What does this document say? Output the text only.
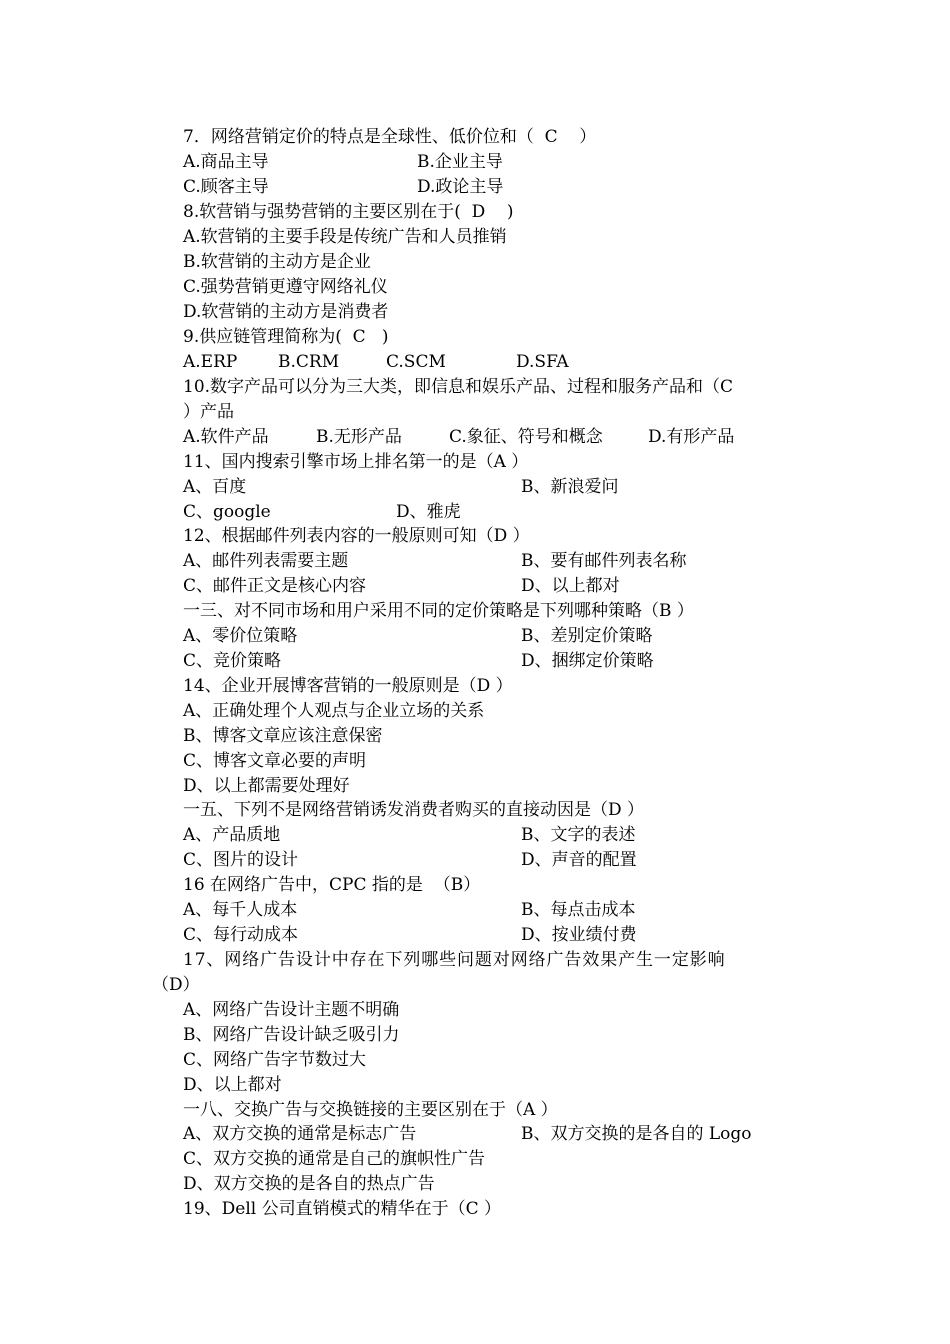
7．网络营销定价的特点是全球性、低价位和（  C    ）
A.商品主导	B.企业主导
C.顾客主导	D.政论主导
8.软营销与强势营销的主要区别在于(  D    )
A.软营销的主要手段是传统广告和人员推销
B.软营销的主动方是企业
C.强势营销更遵守网络礼仪
D.软营销的主动方是消费者
9.供应链管理简称为(  C   )
A.ERP B.CRM	C.SCM	D.SFA
10.数字产品可以分为三大类，即信息和娱乐产品、过程和服务产品和（C
）产品
A.软件产品	B.无形产品	C.象征、符号和概念	D.有形产品
11、国内搜索引擎市场上排名第一的是（A ）
A、百度	B、新浪爱问
C、google	D、雅虎
12、根据邮件列表内容的一般原则可知（D ）
A、邮件列表需要主题	B、要有邮件列表名称
C、邮件正文是核心内容	D、以上都对
一三、对不同市场和用户采用不同的定价策略是下列哪种策略（B ）
A、零价位策略	B、差别定价策略
C、竞价策略	D、捆绑定价策略
14、企业开展博客营销的一般原则是（D ）
A、正确处理个人观点与企业立场的关系
B、博客文章应该注意保密
C、博客文章必要的声明
D、以上都需要处理好
一五、下列不是网络营销诱发消费者购买的直接动因是（D ）
A、产品质地	B、文字的表述
C、图片的设计	D、声音的配置
16 在网络广告中，CPC 指的是  （B）
A、每千人成本	B、每点击成本
C、每行动成本	D、按业绩付费
17、网络广告设计中存在下列哪些问题对网络广告效果产生一定影响
（D）
A、网络广告设计主题不明确
B、网络广告设计缺乏吸引力
C、网络广告字节数过大
D、以上都对
一八、交换广告与交换链接的主要区别在于（A ）
A、双方交换的通常是标志广告	B、双方交换的是各自的 Logo
C、双方交换的通常是自己的旗帜性广告
D、双方交换的是各自的热点广告
19、Dell 公司直销模式的精华在于（C ）
